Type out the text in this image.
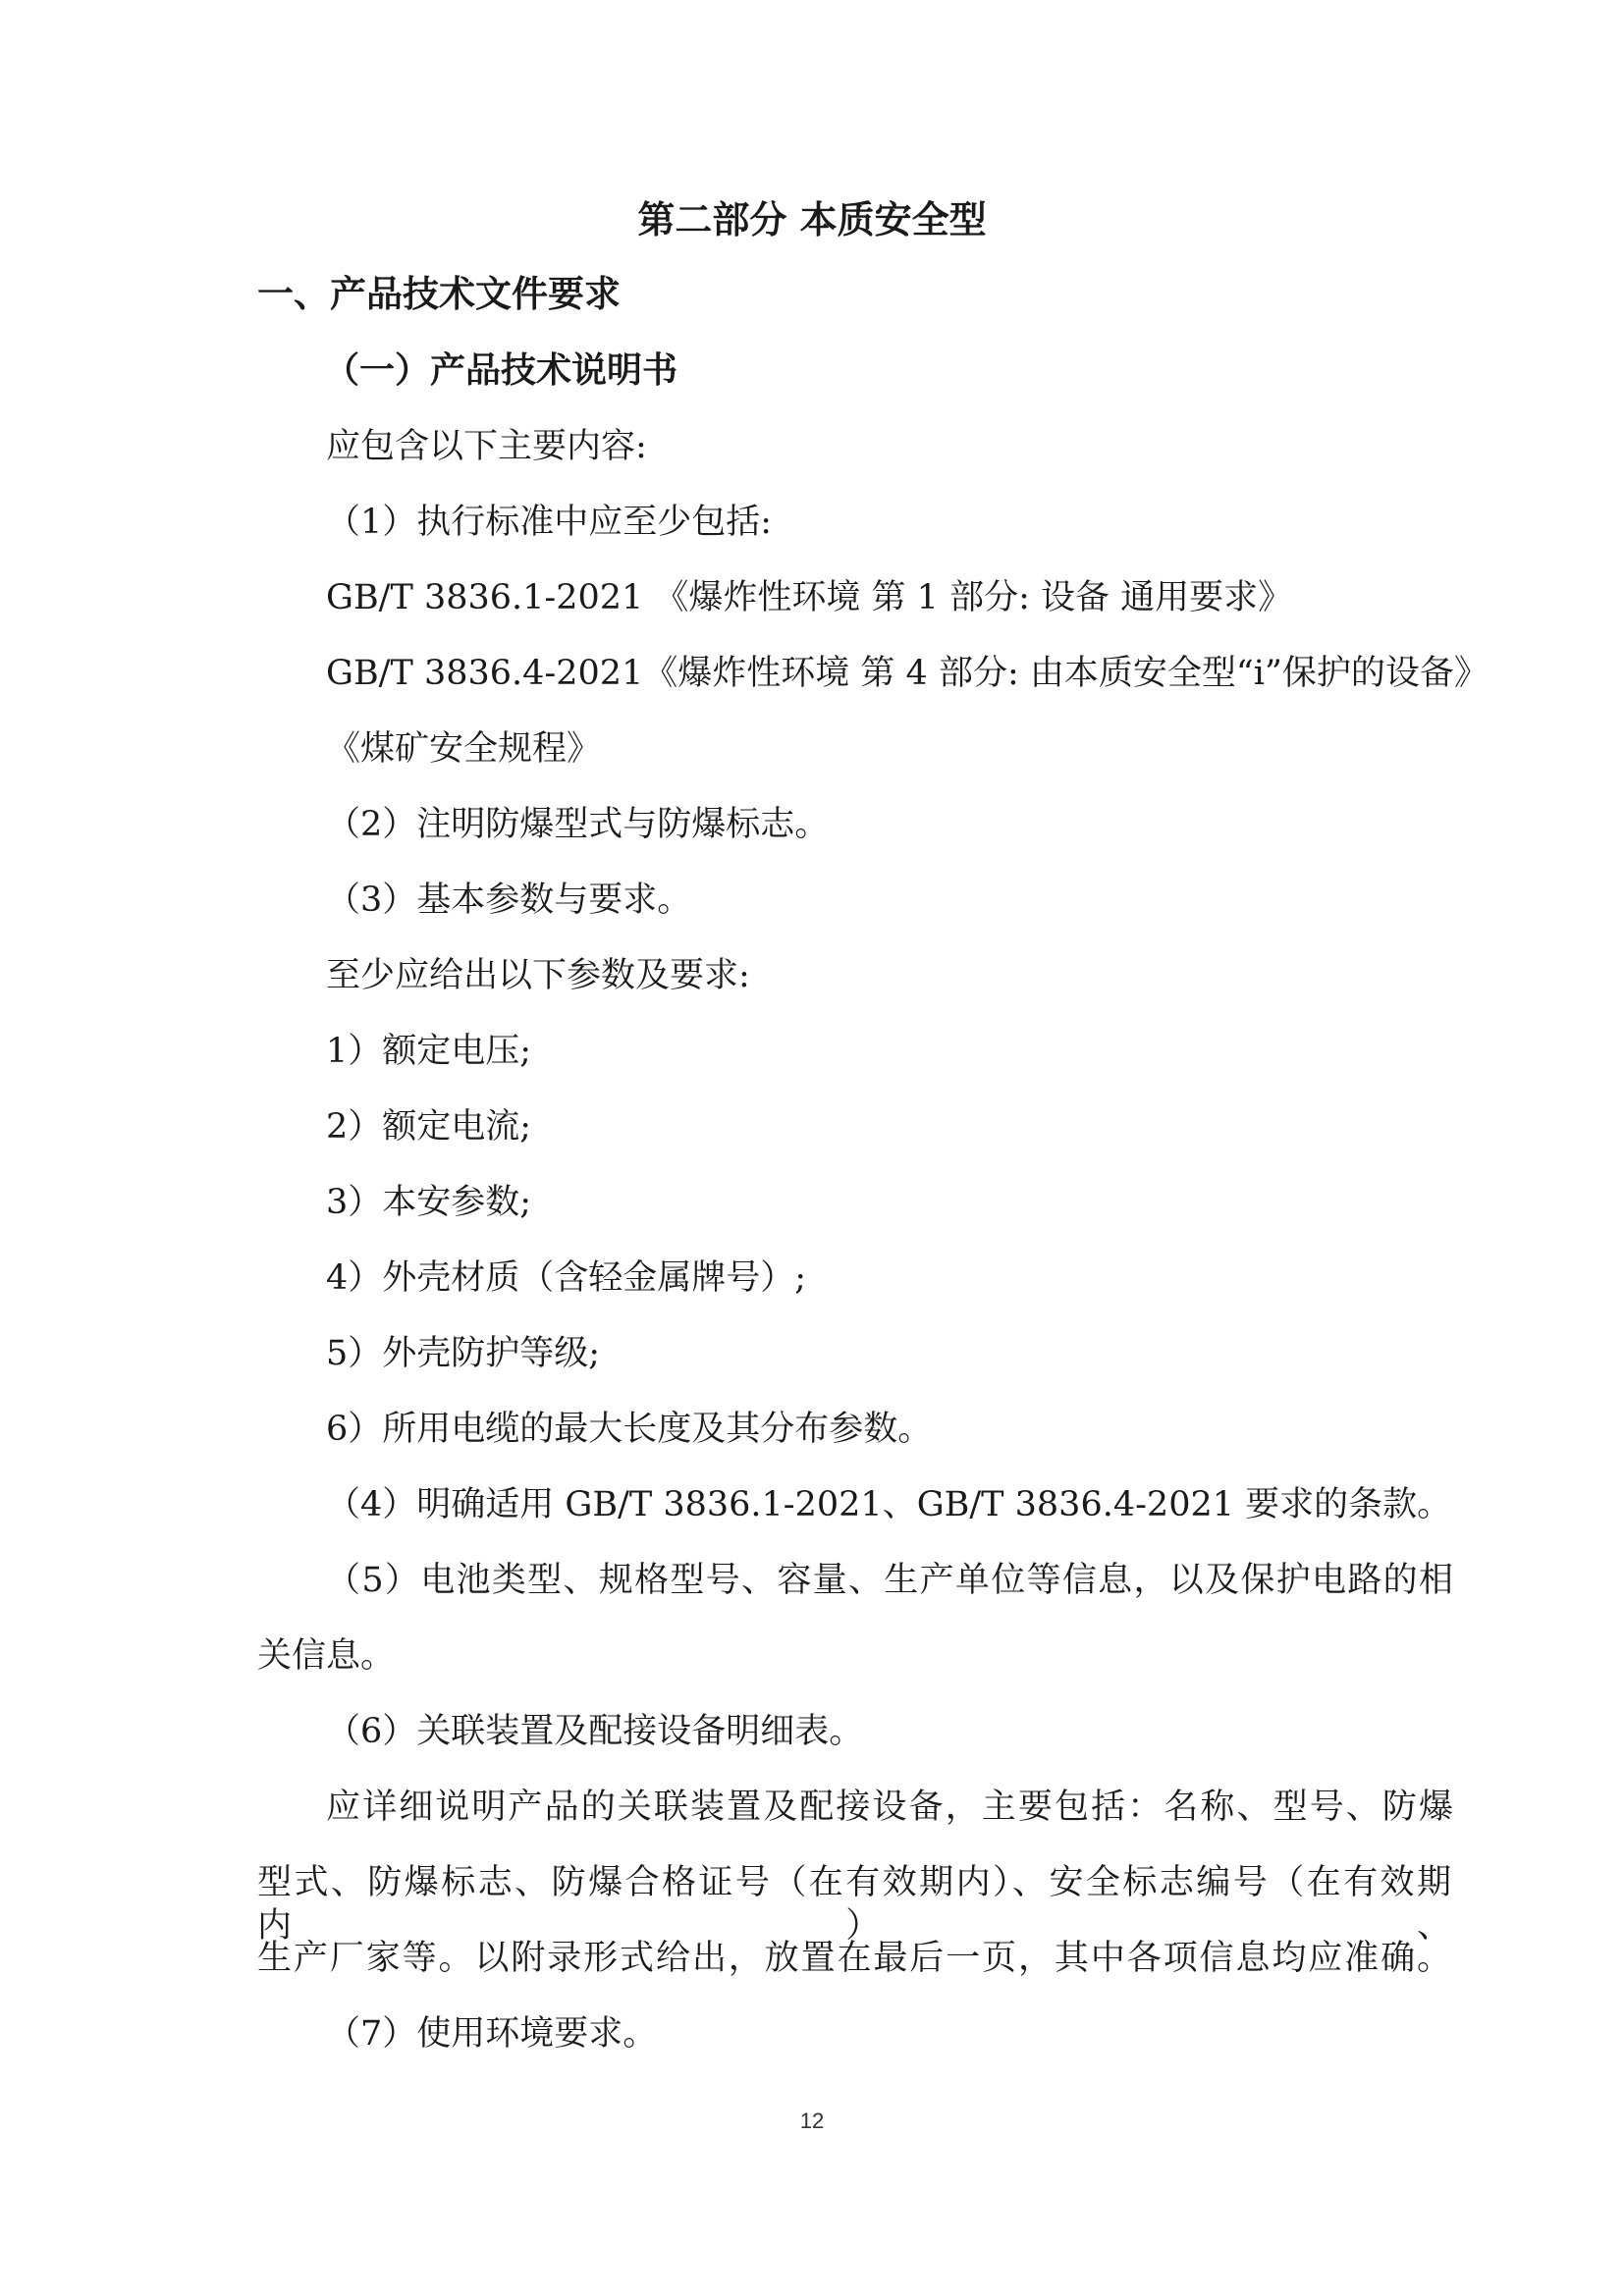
第二部分 本质安全型
一、产品技术文件要求
（一）产品技术说明书
应包含以下主要内容:
（1）执行标准中应至少包括:
GB/T 3836.1-2021 《爆炸性环境 第 1 部分: 设备 通用要求》
GB/T 3836.4-2021《爆炸性环境 第 4 部分: 由本质安全型“i”保护的设备》
《煤矿安全规程》
（2）注明防爆型式与防爆标志。
（3）基本参数与要求。
至少应给出以下参数及要求:
1）额定电压;
2）额定电流;
3）本安参数;
4）外壳材质（含轻金属牌号）;
5）外壳防护等级;
6）所用电缆的最大长度及其分布参数。
（4）明确适用 GB/T 3836.1-2021、GB/T 3836.4-2021 要求的条款。
（5）电池类型、规格型号、容量、生产单位等信息，以及保护电路的相
关信息。
（6）关联装置及配接设备明细表。
应详细说明产品的关联装置及配接设备，主要包括：名称、型号、防爆
型式、防爆标志、防爆合格证号（在有效期内）、安全标志编号（在有效期内）、
生产厂家等。以附录形式给出，放置在最后一页，其中各项信息均应准确。
（7）使用环境要求。
12
